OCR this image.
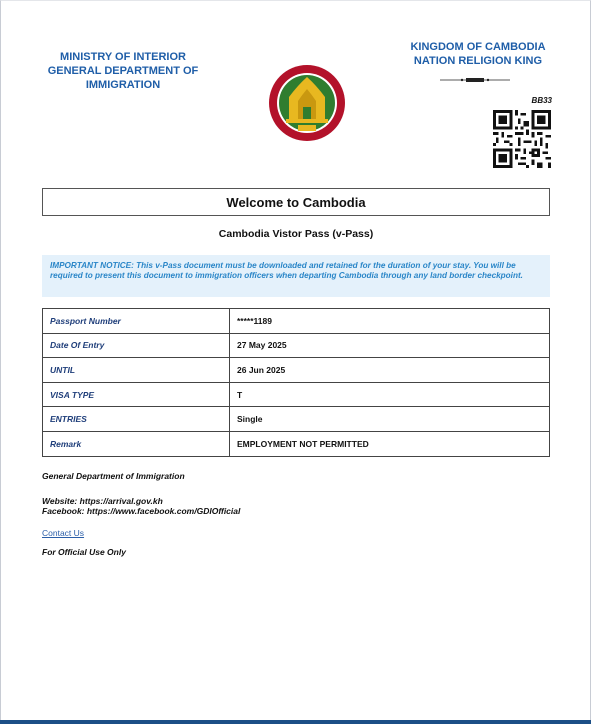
MINISTRY OF INTERIOR
GENERAL DEPARTMENT OF
IMMIGRATION
KINGDOM OF CAMBODIA
NATION RELIGION KING
BB33
Welcome to Cambodia
Cambodia Vistor Pass (v-Pass)
IMPORTANT NOTICE: This v-Pass document must be downloaded and retained for the duration of your stay. You will be required to present this document to immigration officers when departing Cambodia through any land border checkpoint.
Passport Number	*****1189
Date Of Entry	27 May 2025
UNTIL	26 Jun 2025
VISA TYPE	T
ENTRIES	Single
Remark	EMPLOYMENT NOT PERMITTED
General Department of Immigration
Website: https://arrival.gov.kh
Facebook: https://www.facebook.com/GDIOfficial
Contact Us
For Official Use Only
